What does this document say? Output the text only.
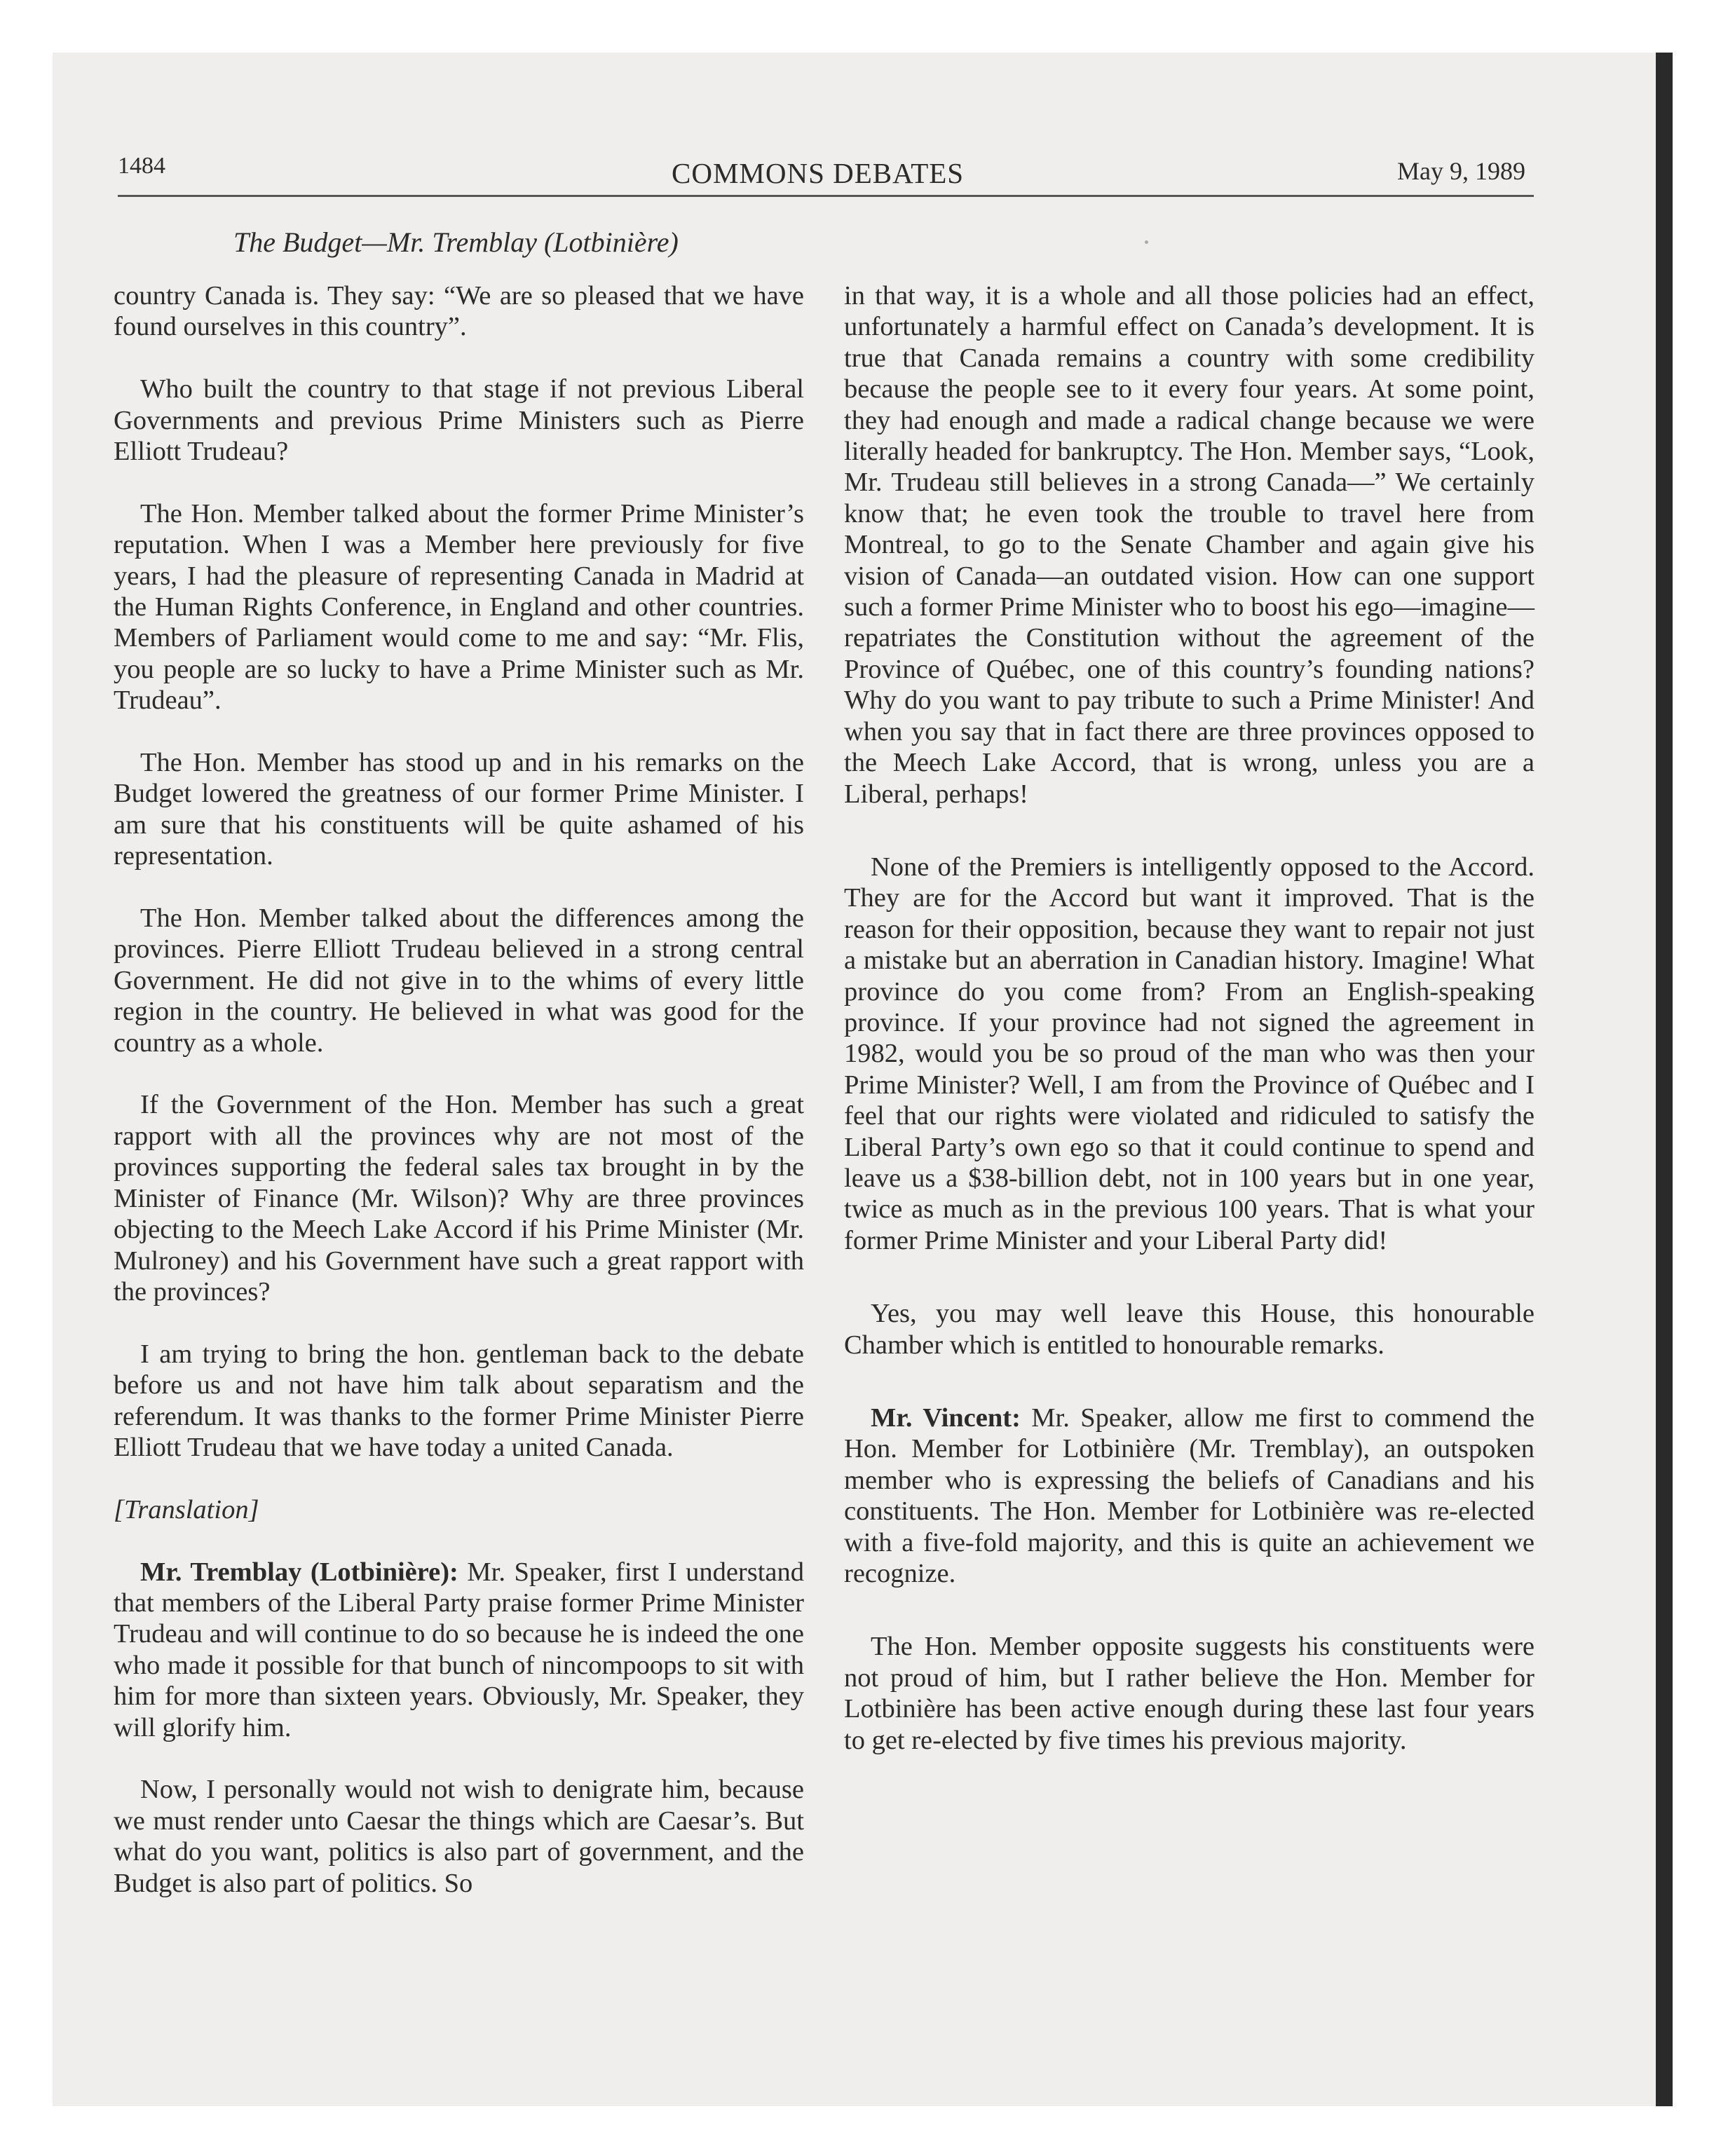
1484	COMMONS DEBATES	May 9, 1989
The Budget—Mr. Tremblay (Lotbinière)

country Canada is. They say: “We are so pleased that we have found ourselves in this country”.

Who built the country to that stage if not previous Liberal Governments and previous Prime Ministers such as Pierre Elliott Trudeau?

The Hon. Member talked about the former Prime Minister’s reputation. When I was a Member here previously for five years, I had the pleasure of representing Canada in Madrid at the Human Rights Conference, in England and other countries. Members of Parliament would come to me and say: “Mr. Flis, you people are so lucky to have a Prime Minister such as Mr. Trudeau”.

The Hon. Member has stood up and in his remarks on the Budget lowered the greatness of our former Prime Minister. I am sure that his constituents will be quite ashamed of his representation.

The Hon. Member talked about the differences among the provinces. Pierre Elliott Trudeau believed in a strong central Government. He did not give in to the whims of every little region in the country. He believed in what was good for the country as a whole.

If the Government of the Hon. Member has such a great rapport with all the provinces why are not most of the provinces supporting the federal sales tax brought in by the Minister of Finance (Mr. Wilson)? Why are three provinces objecting to the Meech Lake Accord if his Prime Minister (Mr. Mulroney) and his Government have such a great rapport with the provinces?

I am trying to bring the hon. gentleman back to the debate before us and not have him talk about separatism and the referendum. It was thanks to the former Prime Minister Pierre Elliott Trudeau that we have today a united Canada.

[Translation]

Mr. Tremblay (Lotbinière): Mr. Speaker, first I understand that members of the Liberal Party praise former Prime Minister Trudeau and will continue to do so because he is indeed the one who made it possible for that bunch of nincompoops to sit with him for more than sixteen years. Obviously, Mr. Speaker, they will glorify him.

Now, I personally would not wish to denigrate him, because we must render unto Caesar the things which are Caesar’s. But what do you want, politics is also part of government, and the Budget is also part of politics. So

in that way, it is a whole and all those policies had an effect, unfortunately a harmful effect on Canada’s development. It is true that Canada remains a country with some credibility because the people see to it every four years. At some point, they had enough and made a radical change because we were literally headed for bankruptcy. The Hon. Member says, “Look, Mr. Trudeau still believes in a strong Canada—” We certainly know that; he even took the trouble to travel here from Montreal, to go to the Senate Chamber and again give his vision of Canada—an outdated vision. How can one support such a former Prime Minister who to boost his ego—imagine—repatriates the Constitution without the agreement of the Province of Québec, one of this country’s founding nations? Why do you want to pay tribute to such a Prime Minister! And when you say that in fact there are three provinces opposed to the Meech Lake Accord, that is wrong, unless you are a Liberal, perhaps!

None of the Premiers is intelligently opposed to the Accord. They are for the Accord but want it improved. That is the reason for their opposition, because they want to repair not just a mistake but an aberration in Canadian history. Imagine! What province do you come from? From an English-speaking province. If your province had not signed the agreement in 1982, would you be so proud of the man who was then your Prime Minister? Well, I am from the Province of Québec and I feel that our rights were violated and ridiculed to satisfy the Liberal Party’s own ego so that it could continue to spend and leave us a $38-billion debt, not in 100 years but in one year, twice as much as in the previous 100 years. That is what your former Prime Minister and your Liberal Party did!

Yes, you may well leave this House, this honourable Chamber which is entitled to honourable remarks.

Mr. Vincent: Mr. Speaker, allow me first to commend the Hon. Member for Lotbinière (Mr. Tremblay), an outspoken member who is expressing the beliefs of Canadians and his constituents. The Hon. Member for Lotbinière was re-elected with a five-fold majority, and this is quite an achievement we recognize.

The Hon. Member opposite suggests his constituents were not proud of him, but I rather believe the Hon. Member for Lotbinière has been active enough during these last four years to get re-elected by five times his previous majority.
